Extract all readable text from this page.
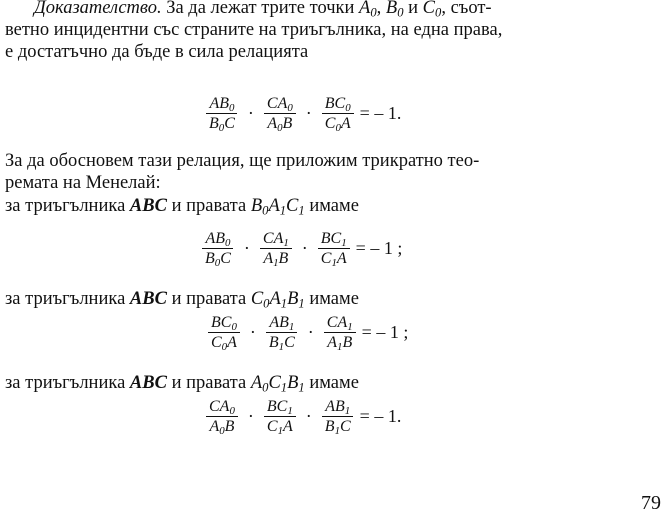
Доказателство. За да лежат трите точки $A_0$, $B_0$ и $C_0$, съот-
ветно инцидентни със страните на триъгълника, на една права,
е достатъчно да бъде в сила релацията
$\frac{AB_0}{B_0C} \cdot \frac{CA_0}{A_0B} \cdot \frac{BC_0}{C_0A}$ = – 1.
За да обосновем тази релация, ще приложим трикратно тео-
ремата на Менелай:
за триъгълника ABC и правата $B_0A_1C_1$ имаме
$\frac{AB_0}{B_0C} \cdot \frac{CA_1}{A_1B} \cdot \frac{BC_1}{C_1A}$ = – 1 ;
за триъгълника ABC и правата $C_0A_1B_1$ имаме
$\frac{BC_0}{C_0A} \cdot \frac{AB_1}{B_1C} \cdot \frac{CA_1}{A_1B}$ = – 1 ;
за триъгълника ABC и правата $A_0C_1B_1$ имаме
$\frac{CA_0}{A_0B} \cdot \frac{BC_1}{C_1A} \cdot \frac{AB_1}{B_1C}$ = – 1.
79
